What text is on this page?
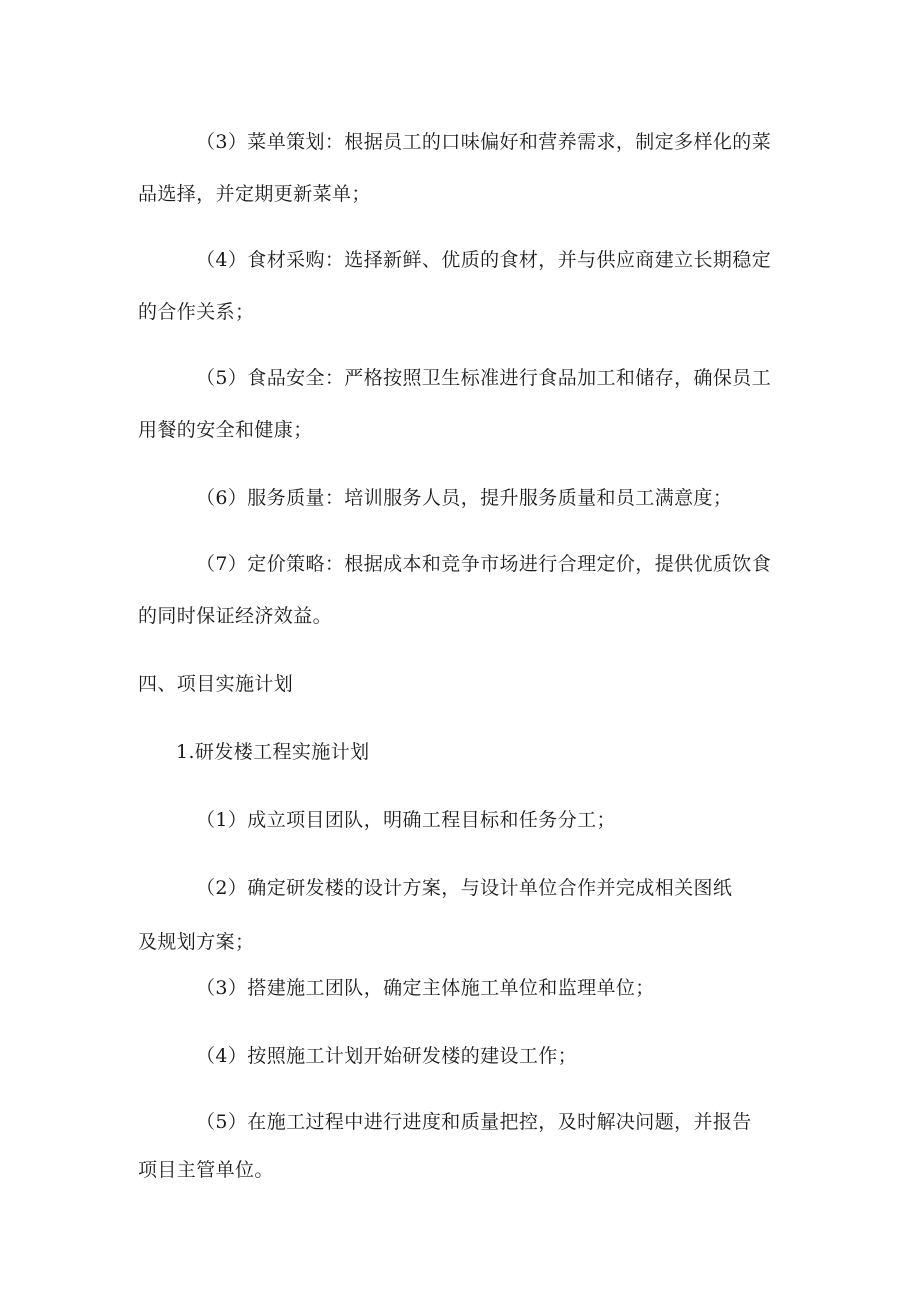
（3）菜单策划：根据员工的口味偏好和营养需求，制定多样化的菜
品选择，并定期更新菜单；
（4）食材采购：选择新鲜、优质的食材，并与供应商建立长期稳定
的合作关系；
（5）食品安全：严格按照卫生标准进行食品加工和储存，确保员工
用餐的安全和健康；
（6）服务质量：培训服务人员，提升服务质量和员工满意度；
（7）定价策略：根据成本和竞争市场进行合理定价，提供优质饮食
的同时保证经济效益。
四、项目实施计划
1.研发楼工程实施计划
（1）成立项目团队，明确工程目标和任务分工；
（2）确定研发楼的设计方案，与设计单位合作并完成相关图纸
及规划方案；
（3）搭建施工团队，确定主体施工单位和监理单位；
（4）按照施工计划开始研发楼的建设工作；
（5）在施工过程中进行进度和质量把控，及时解决问题，并报告
项目主管单位。
